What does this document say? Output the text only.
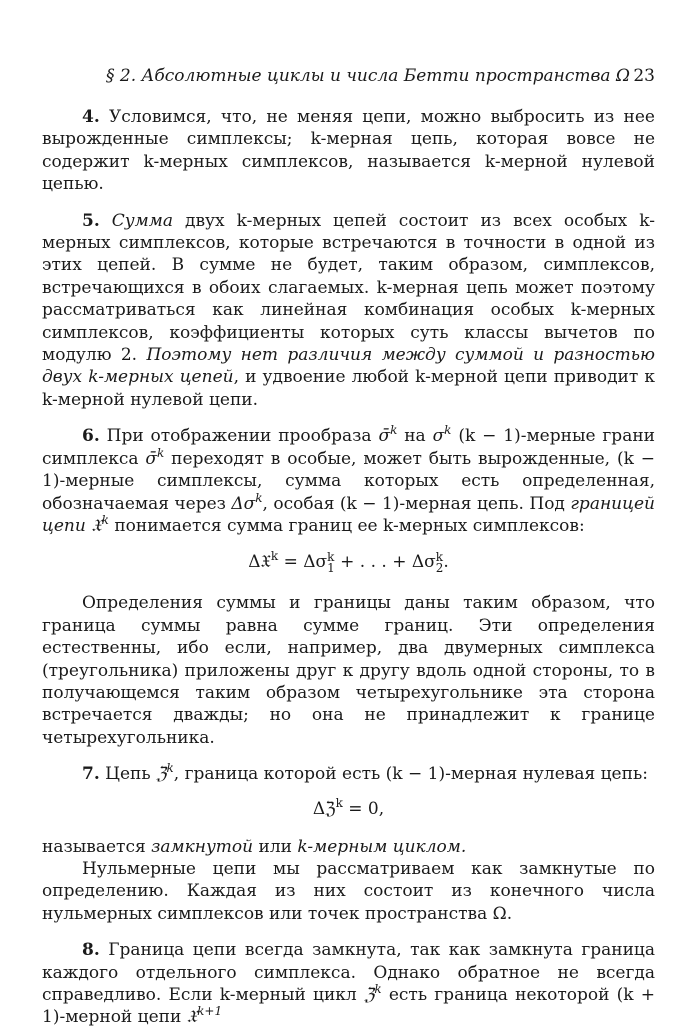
§ 2. Абсолютные циклы и числа Бетти пространства Ω 23

4. Условимся, что, не меняя цепи, можно выбросить из нее вырожденные симплексы; k-мерная цепь, которая вовсе не содержит k-мерных симплексов, называется k-мерной нулевой цепью.

5. Сумма двух k-мерных цепей состоит из всех особых k-мерных симплексов, которые встречаются в точности в одной из этих цепей. В сумме не будет, таким образом, симплексов, встречающихся в обоих слагаемых. k-мерная цепь может поэтому рассматриваться как линейная комбинация особых k-мерных симплексов, коэффициенты которых суть классы вычетов по модулю 2. Поэтому нет различия между суммой и разностью двух k-мерных цепей, и удвоение любой k-мерной цепи приводит к k-мерной нулевой цепи.

6. При отображении прообраза σ̄$^k$ на $\sigma^k$ (k − 1)-мерные грани симплекса σ̄$^k$ переходят в особые, может быть вырожденные, (k − 1)-мерные симплексы, сумма которых есть определенная, обозначаемая через $\Delta\sigma^k$, особая (k − 1)-мерная цепь. Под границей цепи 𝔛$^k$ понимается сумма границ ее k-мерных симплексов:

Δ𝔛$^k$ = Δσ k
1 + . . . + Δσ k
2 .

Определения суммы и границы даны таким образом, что граница суммы равна сумме границ. Эти определения естественны, ибо если, например, два двумерных симплекса (треугольника) приложены друг к другу вдоль одной стороны, то в получающемся таким образом четырехугольнике эта сторона встречается дважды; но она не принадлежит к границе четырехугольника.

7. Цепь ℨ$^k$, граница которой есть (k − 1)-мерная нулевая цепь:

Δℨ$^k$ = 0,

называется замкнутой или k-мерным циклом.

Нульмерные цепи мы рассматриваем как замкнутые по определению. Каждая из них состоит из конечного числа нульмерных симплексов или точек пространства Ω.

8. Граница цепи всегда замкнута, так как замкнута граница каждого отдельного симплекса. Однако обратное не всегда справедливо. Если k-мерный цикл ℨ$^k$ есть граница некоторой (k + 1)-мерной цепи 𝔛$^{k+1}$
